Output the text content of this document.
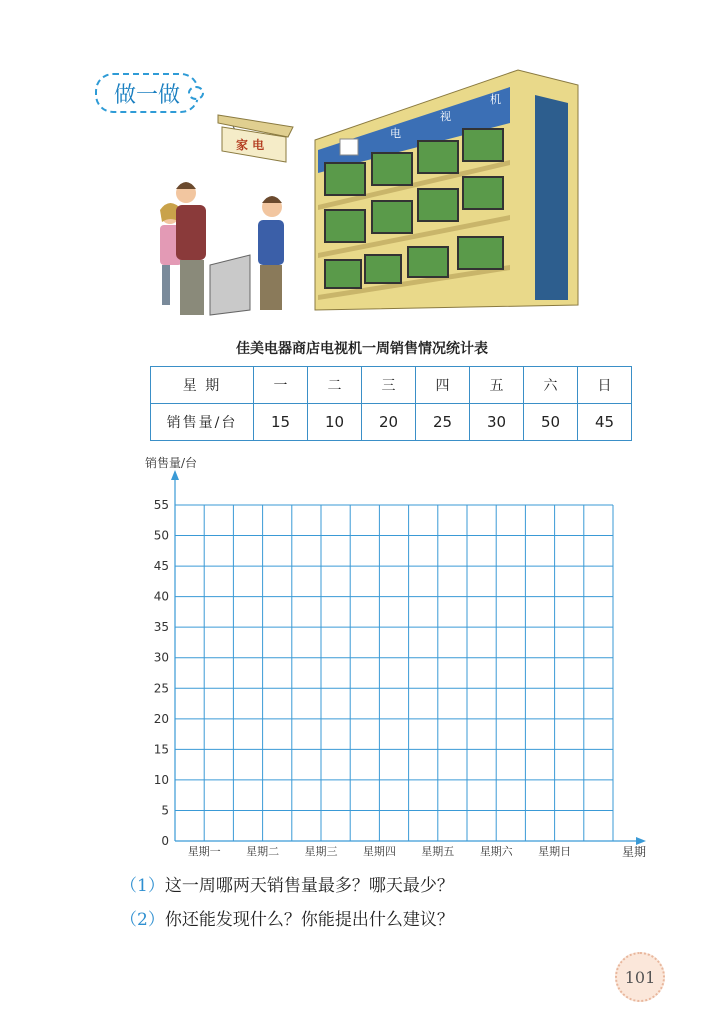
做一做
电
视
机
家 电
佳美电器商店电视机一周销售情况统计表
星 期	一	二	三	四	五	六	日
销售量/台	15	10	20	25	30	50	45
销售量/台
星期
0
5
10
15
20
25
30
35
40
45
50
55
星期一 星期二 星期三 星期四 星期五 星期六 星期日
（1）这一周哪两天销售量最多？哪天最少？
（2）你还能发现什么？你能提出什么建议？
101
